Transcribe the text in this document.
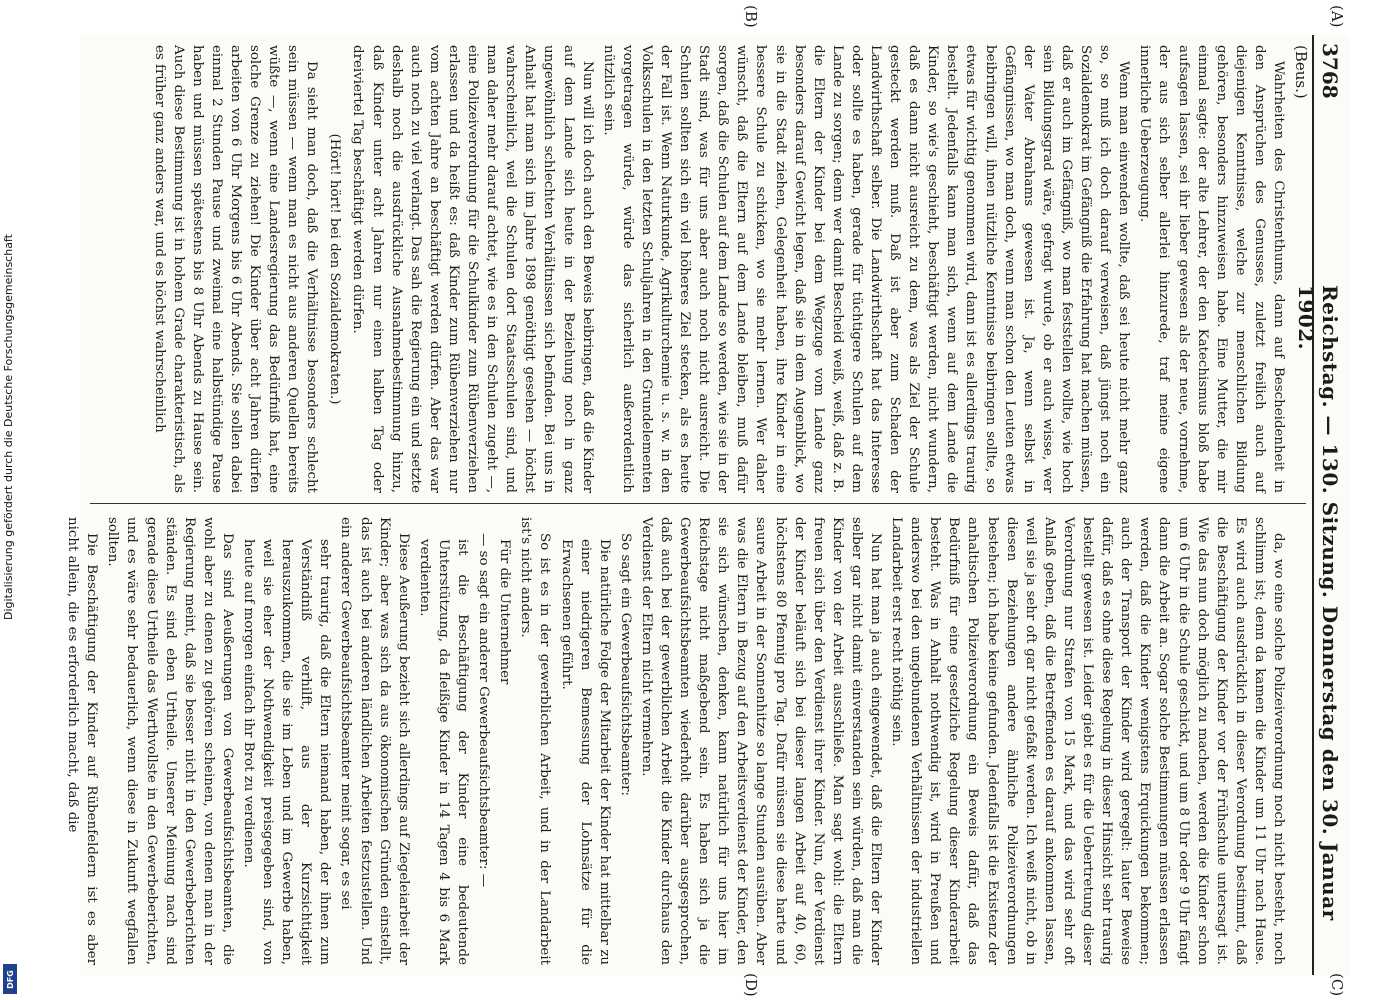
3768
Reichstag. — 130. Sitzung. Donnerstag den 30. Januar 1902.
(Beus.)
(A)
(B)
(C)
(D)

Wahrheiten des Christenthums, dann auf Bescheidenheit in den Ansprüchen des Genusses, zuletzt freilich auch auf diejenigen Kenntnisse, welche zur menschlichen Bildung gehören, besonders hinzuweisen habe. Eine Mutter, die mir einmal sagte: der alte Lehrer, der den Katechismus bloß habe aufsagen lassen, sei ihr lieber gewesen als der neue, vornehme, der aus sich selber allerlei hinzurede, traf meine eigene innerliche Ueberzeugung.

Wenn man einwenden wollte, daß sei heute nicht mehr ganz so, so muß ich doch darauf verweisen, daß jüngst noch ein Sozialdemokrat im Gefängniß die Erfahrung hat machen müssen, daß er auch im Gefängniß, wo man feststellen wollte, wie hoch sein Bildungsgrad wäre, gefragt wurde, ob er auch wisse, wer der Vater Abrahams gewesen ist. Ja, wenn selbst in Gefängnissen, wo man doch, wenn man schon den Leuten etwas beibringen will, ihnen nützliche Kenntnisse beibringen sollte, so etwas für wichtig genommen wird, dann ist es allerdings traurig bestellt. Jedenfalls kann man sich, wenn auf dem Lande die Kinder, so wie's geschieht, beschäftigt werden, nicht wundern, daß es dann nicht ausreicht zu dem, was als Ziel der Schule gesteckt werden muß. Daß ist aber zum Schaden der Landwirthschaft selber. Die Landwirthschaft hat das Interesse oder sollte es haben, gerade für tüchtigere Schulen auf dem Lande zu sorgen; denn wer damit Bescheid weiß, weiß, daß z. B. die Eltern der Kinder bei dem Wegzuge vom Lande ganz besonders darauf Gewicht legen, daß sie in dem Augenblick, wo sie in die Stadt ziehen, Gelegenheit haben, ihre Kinder in eine bessere Schule zu schicken, wo sie mehr lernen. Wer daher wünscht, daß die Eltern auf dem Lande bleiben, muß dafür sorgen, daß die Schulen auf dem Lande so werden, wie sie in der Stadt sind, was für uns aber auch noch nicht ausreicht. Die Schulen sollten sich ein viel höheres Ziel stecken, als es heute der Fall ist. Wenn Naturkunde, Agrikulturchemie u. s. w. in den Volksschulen in den letzten Schuljahren in den Grundelementen vorgetragen würde, würde das sicherlich außerordentlich nützlich sein.

Nun will ich doch auch den Beweis beibringen, daß die Kinder auf dem Lande sich heute in der Beziehung noch in ganz ungewöhnlich schlechten Verhältnissen sich befinden. Bei uns in Anhalt hat man sich im Jahre 1898 genöthigt gesehen — höchst wahrscheinlich, weil die Schulen dort Staatsschulen sind, und man daher mehr darauf achtet, wie es in den Schulen zugeht —, eine Polizeiverordnung für die Schulkinder zum Rübenverziehen erlassen und da heißt es: daß Kinder zum Rübenverziehen nur vom achten Jahre an beschäftigt werden dürfen. Aber das war auch noch zu viel verlangt. Das sah die Regierung ein und setzte deshalb noch die ausdrückliche Ausnahmebestimmung hinzu, daß Kinder unter acht Jahren nur einen halben Tag oder dreiviertel Tag beschäftigt werden dürfen.

(Hört! hört! bei den Sozialdemokraten.)

Da sieht man doch, daß die Verhältnisse besonders schlecht sein müssen — wenn man es nicht aus anderen Quellen bereits wüßte —, wenn eine Landesregierung das Bedürfniß hat, eine solche Grenze zu ziehen! Die Kinder über acht Jahren dürfen arbeiten von 6 Uhr Morgens bis 6 Uhr Abends. Sie sollen dabei einmal 2 Stunden Pause und zweimal eine halbstündige Pause haben und müssen spätestens bis 8 Uhr Abends zu Hause sein. Auch diese Bestimmung ist in hohem Grade charakteristisch, als es früher ganz anders war, und es höchst wahrscheinlich

da, wo eine solche Polizeiverordnung noch nicht besteht, noch schlimm ist; denn da kamen die Kinder um 11 Uhr nach Hause. Es wird auch ausdrücklich in dieser Verordnung bestimmt, daß die Beschäftigung der Kinder vor der Frühschule untersagt ist. Wie das nun doch möglich zu machen, werden die Kinder schon um 6 Uhr in die Schule geschickt, und um 8 Uhr oder 9 Uhr fängt dann die Arbeit an. Sogar solche Bestimmungen müssen erlassen werden, daß die Kinder wenigstens Erquickungen bekommen; auch der Transport der Kinder wird geregelt: lauter Beweise dafür, daß es ohne diese Regelung in dieser Hinsicht sehr traurig bestellt gewesen ist. Leider giebt es für die Uebertretung dieser Verordnung nur Strafen von 15 Mark, und das wird sehr oft Anlaß geben, daß die Betreffenden es darauf ankommen lassen, weil sie ja sehr oft gar nicht gefaßt werden. Ich weiß nicht, ob in diesen Beziehungen andere ähnliche Polizeiverordnungen bestehen; ich habe keine gefunden. Jedenfalls ist die Existenz der anhaltischen Polizeiverordnung ein Beweis dafür, daß das Bedürfniß für eine gesetzliche Regelung dieser Kinderarbeit besteht. Was in Anhalt nothwendig ist, wird in Preußen und anderswo bei den ungebundenen Verhältnissen der industriellen Landarbeit erst recht nöthig sein.

Nun hat man ja auch eingewendet, daß die Eltern der Kinder selber gar nicht damit einverstanden sein würden, daß man die Kinder von der Arbeit ausschließe. Man sagt wohl: die Eltern freuen sich über den Verdienst ihrer Kinder. Nun, der Verdienst der Kinder beläuft sich bei dieser langen Arbeit auf 40, 60, höchstens 80 Pfennig pro Tag. Dafür müssen sie diese harte und saure Arbeit in der Sonnenhitze so lange Stunden ausüben. Aber was die Eltern in Bezug auf den Arbeitsverdienst der Kinder, den sie sich wünschen, denken, kann natürlich für uns hier im Reichstage nicht maßgebend sein. Es haben sich ja die Gewerbeaufsichtsbeamten wiederholt darüber ausgesprochen, daß auch bei der gewerblichen Arbeit die Kinder durchaus den Verdienst der Eltern nicht vermehren.

So sagt ein Gewerbeaufsichtsbeamter:

Die natürliche Folge der Mitarbeit der Kinder hat mittelbar zu einer niedrigeren Bemessung der Lohnsätze für die Erwachsenen geführt.

So ist es in der gewerblichen Arbeit, und in der Landarbeit ist's nicht anders.

Für die Unternehmer

— so sagt ein anderer Gewerbeaufsichtsbeamter: —

ist die Beschäftigung der Kinder eine bedeutende Unterstützung, da fleißige Kinder in 14 Tagen 4 bis 6 Mark verdienten.

Diese Aeußerung bezieht sich allerdings auf Ziegeleiarbeit der Kinder; aber was sich da aus ökonomischen Gründen einstellt, das ist auch bei anderen ländlichen Arbeiten festzustellen. Und ein anderer Gewerbeaufsichtsbeamter meint sogar, es sei

sehr traurig, daß die Eltern niemand haben, der ihnen zum Verständniß verhilft, aus der Kurzsichtigkeit herauszukommen, die sie im Leben und im Gewerbe haben, weil sie eher der Nothwendigkeit preisgegeben sind, von heute auf morgen einfach ihr Brot zu verdienen.

Das sind Aeußerungen von Gewerbeaufsichtsbeamten, die wohl aber zu denen zu gehören scheinen, von denen man in der Regierung meint, daß sie besser nicht in den Gewerbeberichten ständen. Es sind eben Urtheile. Unserer Meinung nach sind gerade diese Urtheile das Werthvollste in den Gewerbeberichten, und es wäre sehr bedauerlich, wenn diese in Zukunft wegfallen sollten.

Die Beschäftigung der Kinder auf Rübenfeldern ist es aber nicht allein, die es erforderlich macht, daß die

Digitalisierung gefördert durch die Deutsche Forschungsgemeinschaft
DFG
